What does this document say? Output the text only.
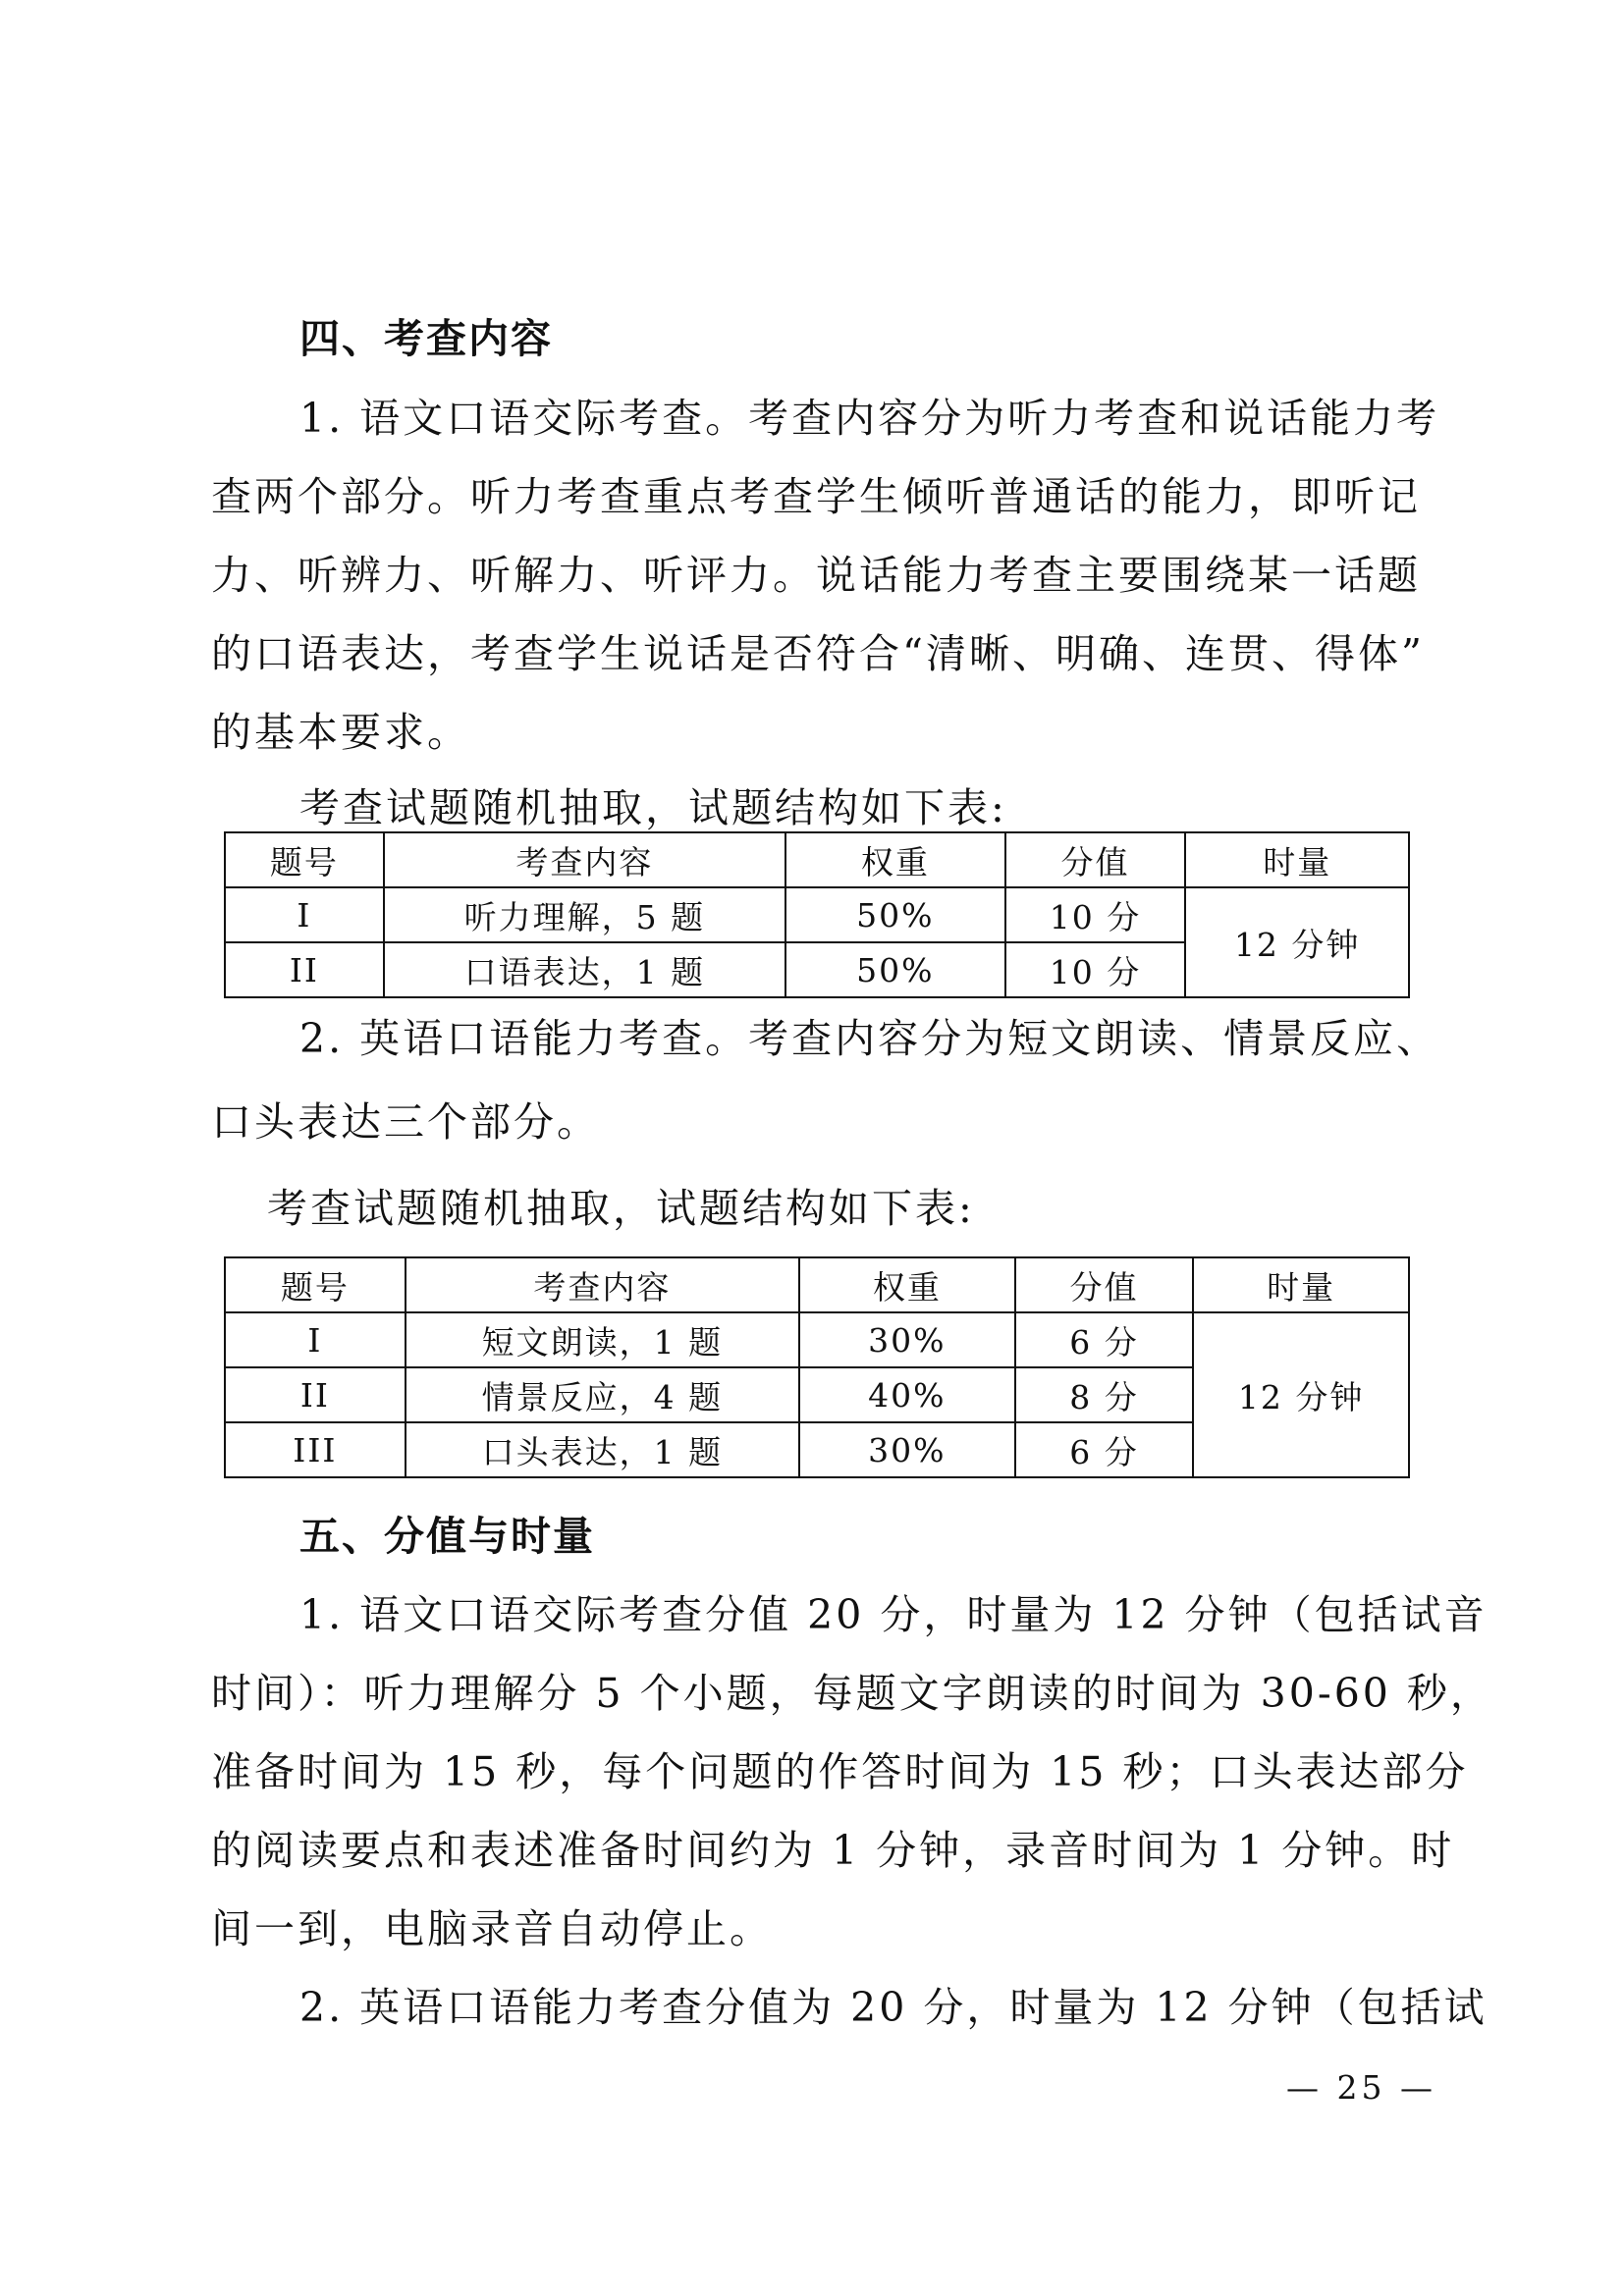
四、考查内容
1. 语文口语交际考查。考查内容分为听力考查和说话能力考
查两个部分。听力考查重点考查学生倾听普通话的能力，即听记
力、听辨力、听解力、听评力。说话能力考查主要围绕某一话题
的口语表达，考查学生说话是否符合“清晰、明确、连贯、得体”
的基本要求。
考查试题随机抽取，试题结构如下表:
题号	考查内容	权重	分值	时量
I	听力理解，5 题	50%	10 分	12 分钟
II	口语表达，1 题	50%	10 分	
2. 英语口语能力考查。考查内容分为短文朗读、情景反应、
口头表达三个部分。
考查试题随机抽取，试题结构如下表:
题号	考查内容	权重	分值	时量
I	短文朗读，1 题	30%	6 分	12 分钟
II	情景反应，4 题	40%	8 分	
III	口头表达，1 题	30%	6 分	
五、分值与时量
1. 语文口语交际考查分值 20 分，时量为 12 分钟（包括试音
时间）：听力理解分 5 个小题，每题文字朗读的时间为 30-60 秒，
准备时间为 15 秒，每个问题的作答时间为 15 秒；口头表达部分
的阅读要点和表述准备时间约为 1 分钟，录音时间为 1 分钟。时
间一到，电脑录音自动停止。
2. 英语口语能力考查分值为 20 分，时量为 12 分钟（包括试
— 25 —
